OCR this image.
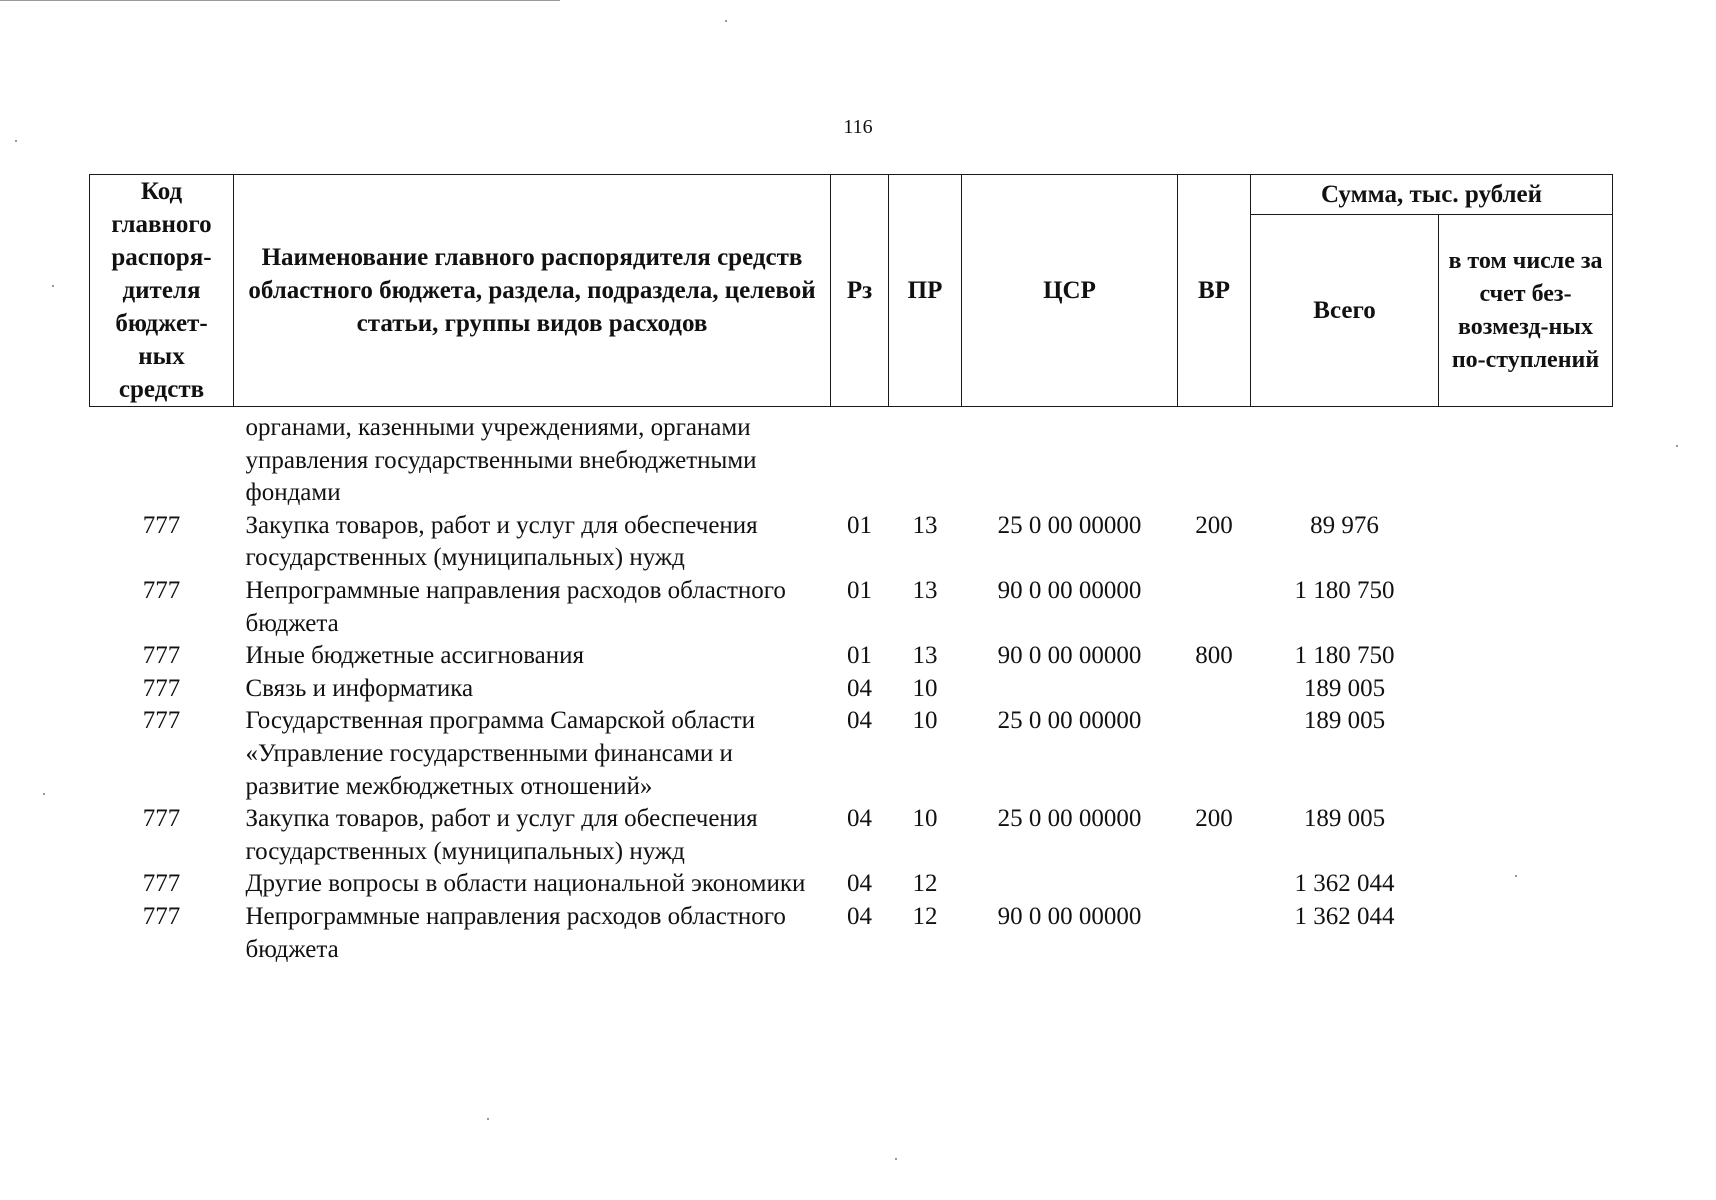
116
Код главного распоря-дителя бюджет-ных средств	Наименование главного распорядителя средств областного бюджета, раздела, подраздела, целевой статьи, группы видов расходов	Рз	ПР	ЦСР	ВР	Сумма, тыс. рублей	
						Всего	в том числе за счет без-возмезд-ных по-ступлений
	органами, казенными учреждениями, органами управления государственными внебюджетными фондами						
777	Закупка товаров, работ и услуг для обеспечения государственных (муниципальных) нужд	01	13	25 0 00 00000	200	89 976	
777	Непрограммные направления расходов областного бюджета	01	13	90 0 00 00000		1 180 750	
777	Иные бюджетные ассигнования	01	13	90 0 00 00000	800	1 180 750	
777	Связь и информатика	04	10			189 005	
777	Государственная программа Самарской области «Управление государственными финансами и развитие межбюджетных отношений»	04	10	25 0 00 00000		189 005	
777	Закупка товаров, работ и услуг для обеспечения государственных (муниципальных) нужд	04	10	25 0 00 00000	200	189 005	
777	Другие вопросы в области национальной экономики	04	12			1 362 044	
777	Непрограммные направления расходов областного бюджета	04	12	90 0 00 00000		1 362 044	
